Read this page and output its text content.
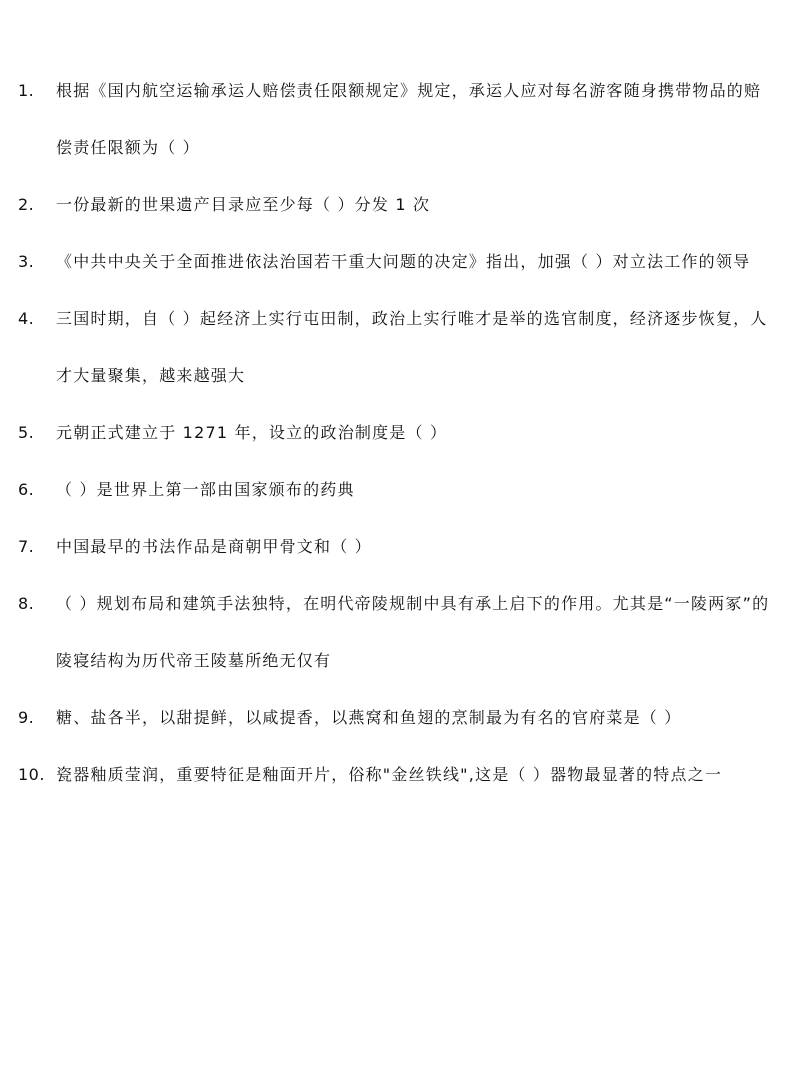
1.	根据《国内航空运输承运人赔偿责任限额规定》规定，承运人应对每名游客随身携带物品的赔偿责任限额为（ ）
2.	一份最新的世果遗产目录应至少每（ ）分发 1 次
3.	《中共中央关于全面推进依法治国若干重大问题的决定》指出，加强（ ）对立法工作的领导
4.	三国时期，自（ ）起经济上实行屯田制，政治上实行唯才是举的选官制度，经济逐步恢复，人才大量聚集，越来越强大
5.	元朝正式建立于 1271 年，设立的政治制度是（ ）
6.	（ ）是世界上第一部由国家颁布的药典
7.	中国最早的书法作品是商朝甲骨文和（ ）
8.	（ ）规划布局和建筑手法独特，在明代帝陵规制中具有承上启下的作用。尤其是“一陵两冢”的陵寝结构为历代帝王陵墓所绝无仅有
9.	糖、盐各半，以甜提鲜，以咸提香，以燕窝和鱼翅的烹制最为有名的官府菜是（ ）
10. 瓷器釉质莹润，重要特征是釉面开片，俗称"金丝铁线",这是（ ）器物最显著的特点之一
